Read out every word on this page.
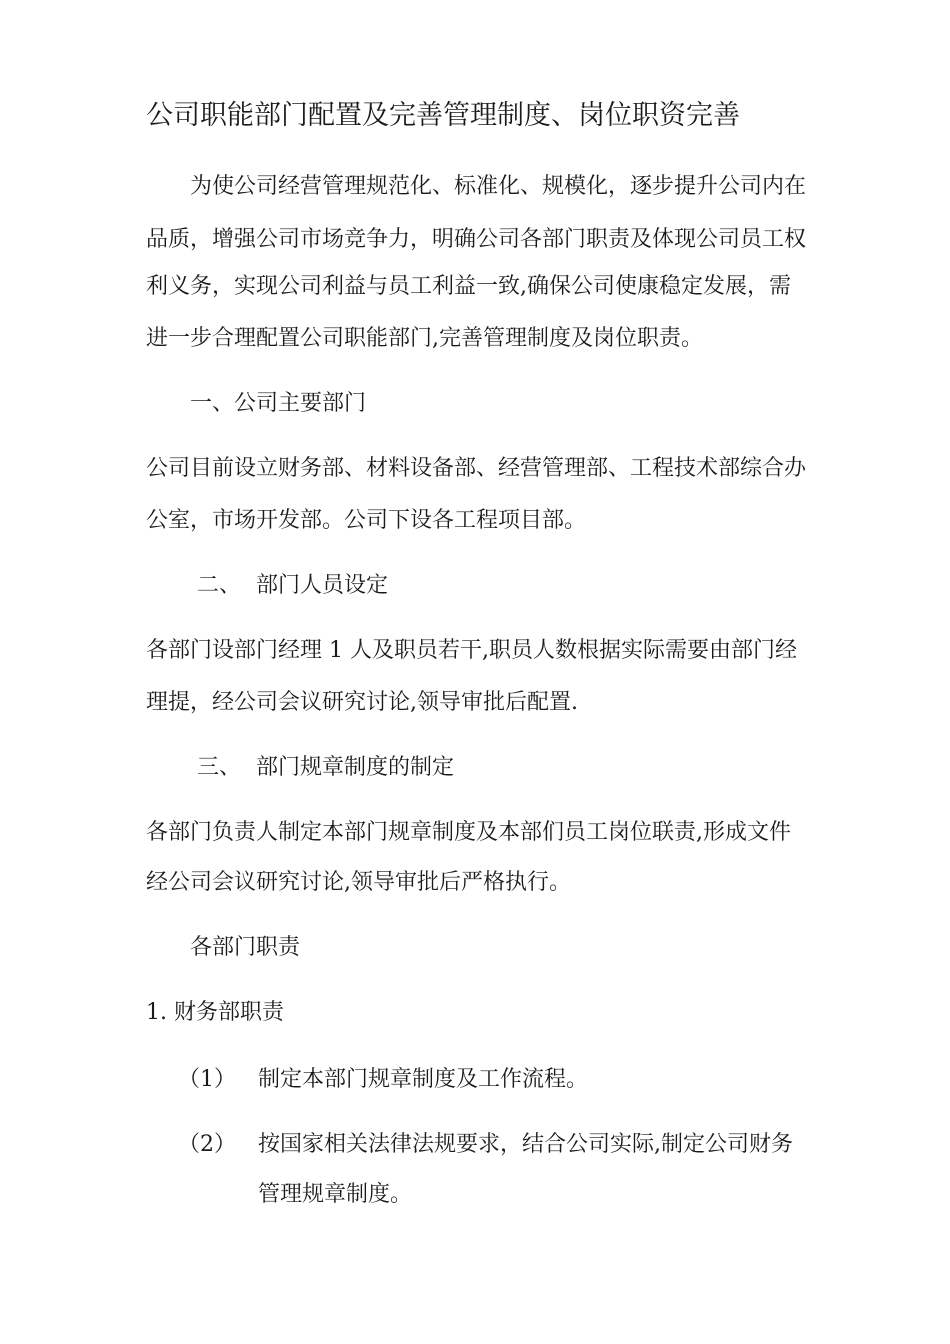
公司职能部门配置及完善管理制度、岗位职资完善
为使公司经营管理规范化、标准化、规模化，逐步提升公司内在
品质，增强公司市场竞争力，明确公司各部门职责及体现公司员工权
利义务，实现公司利益与员工利益一致,确保公司使康稳定发展，需
进一步合理配置公司职能部门,完善管理制度及岗位职责。
一、公司主要部门
公司目前设立财务部、材料设备部、经营管理部、工程技术部综合办
公室，市场开发部。公司下设各工程项目部。
二、 部门人员设定
各部门设部门经理 1 人及职员若干,职员人数根据实际需要由部门经
理提，经公司会议研究讨论,领导审批后配置.
三、 部门规章制度的制定
各部门负责人制定本部门规章制度及本部们员工岗位联责,形成文件
经公司会议研究讨论,领导审批后严格执行。
各部门职责
1. 财务部职责
（1） 制定本部门规章制度及工作流程。
（2） 按国家相关法律法规要求，结合公司实际,制定公司财务
管理规章制度。
